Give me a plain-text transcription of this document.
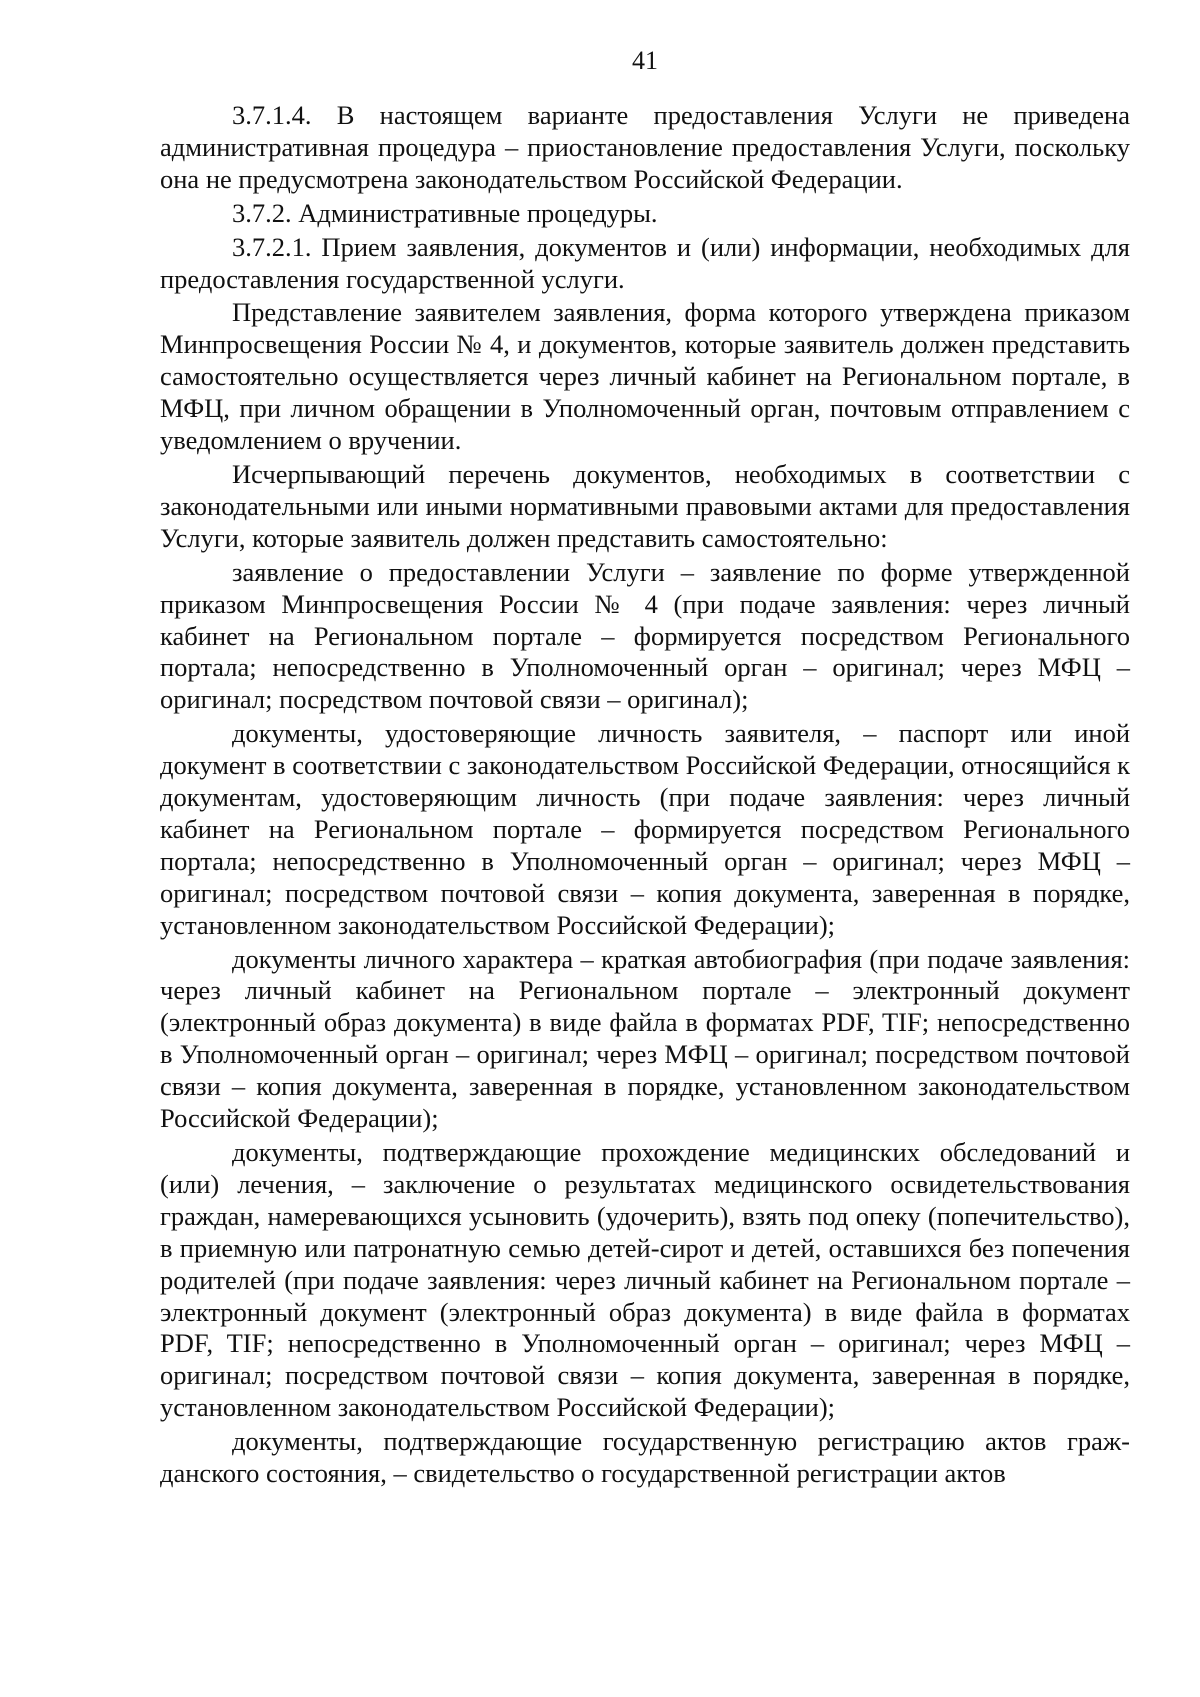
41

3.7.1.4. В настоящем варианте предоставления Услуги не приведена административная процедура – приостановление предоставления Услуги, поскольку она не предусмотрена законодательством Российской Федерации.

3.7.2. Административные процедуры.

3.7.2.1. Прием заявления, документов и (или) информации, необходимых для предоставления государственной услуги.

Представление заявителем заявления, форма которого утверждена приказом Минпросвещения России № 4, и документов, которые заявитель должен представить самостоятельно осуществляется через личный кабинет на Региональном портале, в МФЦ, при личном обращении в Уполномоченный орган, почтовым отправлением с уведомлением о вручении.

Исчерпывающий перечень документов, необходимых в соответствии с законодательными или иными нормативными правовыми актами для предоставления Услуги, которые заявитель должен представить самостоятельно:

заявление о предоставлении Услуги – заявление по форме утвержденной приказом Минпросвещения России № 4 (при подаче заявления: через личный кабинет на Региональном портале – формируется посредством Регионального портала; непосредственно в Уполномоченный орган – оригинал; через МФЦ – оригинал; посредством почтовой связи – оригинал);

документы, удостоверяющие личность заявителя, – паспорт или иной документ в соответствии с законодательством Российской Федерации, относящийся к документам, удостоверяющим личность (при подаче заявления: через личный кабинет на Региональном портале – формируется посредством Регионального портала; непосредственно в Уполномоченный орган – оригинал; через МФЦ – оригинал; посредством почтовой связи – копия документа, заверенная в порядке, установленном законодательством Российской Федерации);

документы личного характера – краткая автобиография (при подаче заявления: через личный кабинет на Региональном портале – электронный документ (электронный образ документа) в виде файла в форматах PDF, TIF; непосредственно в Уполномоченный орган – оригинал; через МФЦ – оригинал; посредством почтовой связи – копия документа, заверенная в порядке, установленном законодательством Российской Федерации);

документы, подтверждающие прохождение медицинских обследований и (или) лечения, – заключение о результатах медицинского освидетельствования граждан, намеревающихся усыновить (удочерить), взять под опеку (попечительство), в приемную или патронатную семью детей-сирот и детей, оставшихся без попечения родителей (при подаче заявления: через личный кабинет на Региональном портале – электронный документ (электронный образ документа) в виде файла в форматах PDF, TIF; непосредственно в Уполномоченный орган – оригинал; через МФЦ – оригинал; посредством почтовой связи – копия документа, заверенная в порядке, установленном законодательством Российской Федерации);

документы, подтверждающие государственную регистрацию актов гражданского состояния, – свидетельство о государственной регистрации актов
